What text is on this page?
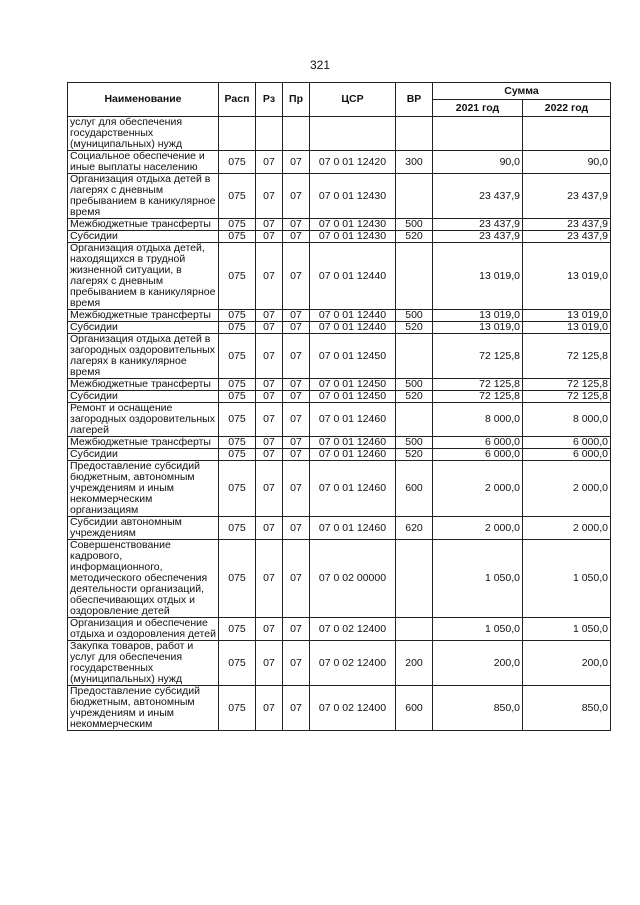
321
Наименование	Расп	Рз	Пр	ЦСР	ВР	Сумма	
						2021 год	2022 год
услуг для обеспечения государственных (муниципальных) нужд							
Социальное обеспечение и иные выплаты населению	075	07	07	07 0 01 12420	300	90,0	90,0
Организация отдыха детей в лагерях с дневным пребыванием в каникулярное время	075	07	07	07 0 01 12430		23 437,9	23 437,9
Межбюджетные трансферты	075	07	07	07 0 01 12430	500	23 437,9	23 437,9
Субсидии	075	07	07	07 0 01 12430	520	23 437,9	23 437,9
Организация отдыха детей, находящихся в трудной жизненной ситуации, в лагерях с дневным пребыванием в каникулярное время	075	07	07	07 0 01 12440		13 019,0	13 019,0
Межбюджетные трансферты	075	07	07	07 0 01 12440	500	13 019,0	13 019,0
Субсидии	075	07	07	07 0 01 12440	520	13 019,0	13 019,0
Организация отдыха детей в загородных оздоровительных лагерях в каникулярное время	075	07	07	07 0 01 12450		72 125,8	72 125,8
Межбюджетные трансферты	075	07	07	07 0 01 12450	500	72 125,8	72 125,8
Субсидии	075	07	07	07 0 01 12450	520	72 125,8	72 125,8
Ремонт и оснащение загородных оздоровительных лагерей	075	07	07	07 0 01 12460		8 000,0	8 000,0
Межбюджетные трансферты	075	07	07	07 0 01 12460	500	6 000,0	6 000,0
Субсидии	075	07	07	07 0 01 12460	520	6 000,0	6 000,0
Предоставление субсидий бюджетным, автономным учреждениям и иным некоммерческим организациям	075	07	07	07 0 01 12460	600	2 000,0	2 000,0
Субсидии автономным учреждениям	075	07	07	07 0 01 12460	620	2 000,0	2 000,0
Совершенствование кадрового, информационного, методического обеспечения деятельности организаций, обеспечивающих отдых и оздоровление детей	075	07	07	07 0 02 00000		1 050,0	1 050,0
Организация и обеспечение отдыха и оздоровления детей	075	07	07	07 0 02 12400		1 050,0	1 050,0
Закупка товаров, работ и услуг для обеспечения государственных (муниципальных) нужд	075	07	07	07 0 02 12400	200	200,0	200,0
Предоставление субсидий бюджетным, автономным учреждениям и иным некоммерческим	075	07	07	07 0 02 12400	600	850,0	850,0
